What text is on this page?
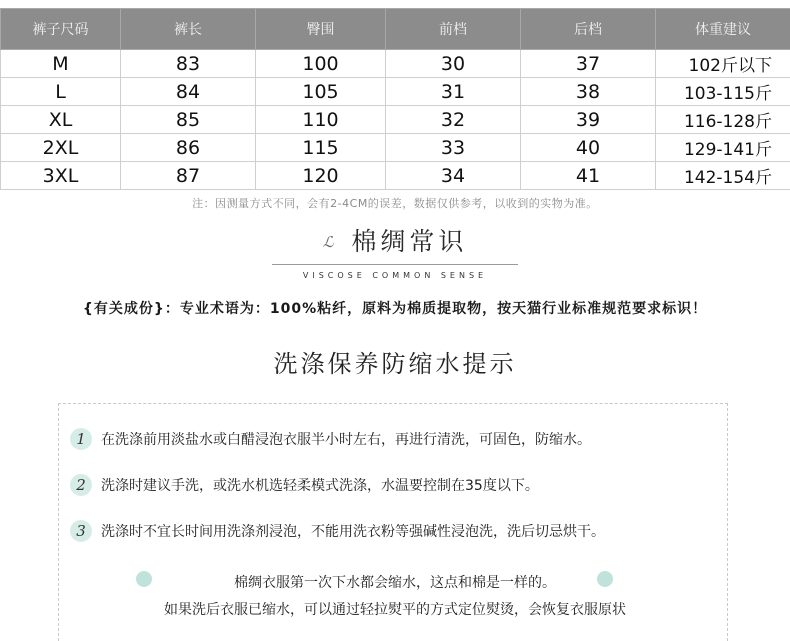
裤子尺码	裤长	臀围	前档	后档	体重建议
M	83	100	30	37	102斤以下
L	84	105	31	38	103-115斤
XL	85	110	32	39	116-128斤
2XL	86	115	33	40	129-141斤
3XL	87	120	34	41	142-154斤
注：因测量方式不同，会有2-4CM的误差，数据仅供参考，以收到的实物为准。
ℒ 棉绸常识
VISCOSE COMMON SENSE
{有关成份}：专业术语为：100%粘纤，原料为棉质提取物，按天猫行业标准规范要求标识！
洗涤保养防缩水提示
1	在洗涤前用淡盐水或白醋浸泡衣服半小时左右，再进行清洗，可固色，防缩水。
2	洗涤时建议手洗，或洗水机选轻柔模式洗涤，水温要控制在35度以下。
3	洗涤时不宜长时间用洗涤剂浸泡，不能用洗衣粉等强碱性浸泡洗，洗后切忌烘干。
棉绸衣服第一次下水都会缩水，这点和棉是一样的。
如果洗后衣服已缩水，可以通过轻拉熨平的方式定位熨烫，会恢复衣服原状
